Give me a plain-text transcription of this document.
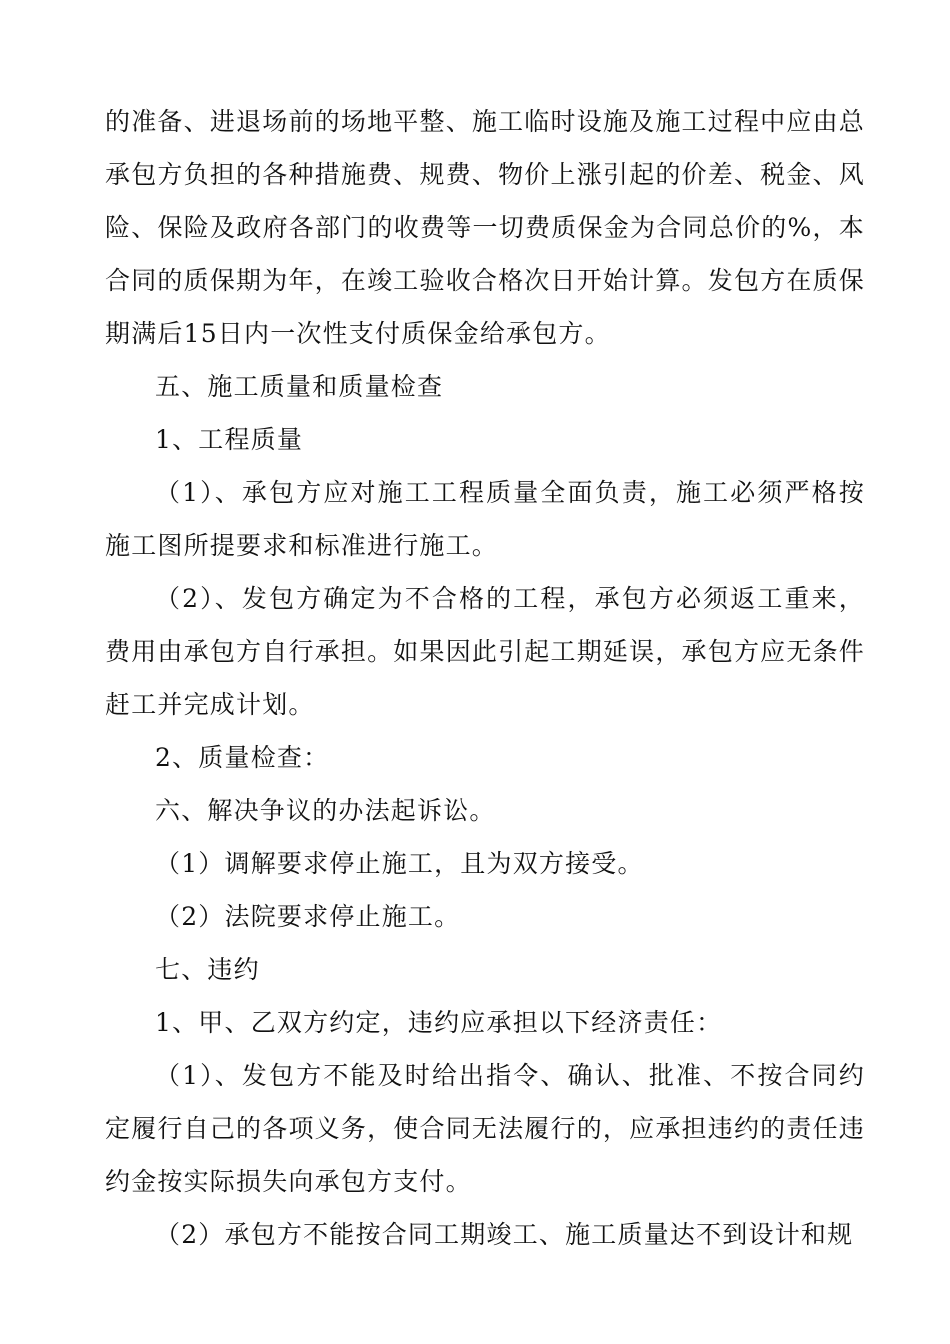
的准备、进退场前的场地平整、施工临时设施及施工过程中应由总承包方负担的各种措施费、规费、物价上涨引起的价差、税金、风险、保险及政府各部门的收费等一切费质保金为合同总价的%，本合同的质保期为年，在竣工验收合格次日开始计算。发包方在质保期满后15日内一次性支付质保金给承包方。

五、施工质量和质量检查

1、工程质量

（1）、承包方应对施工工程质量全面负责，施工必须严格按施工图所提要求和标准进行施工。

（2）、发包方确定为不合格的工程，承包方必须返工重来，费用由承包方自行承担。如果因此引起工期延误，承包方应无条件赶工并完成计划。

2、质量检查：

六、解决争议的办法起诉讼。

（1）调解要求停止施工，且为双方接受。

（2）法院要求停止施工。

七、违约

1、甲、乙双方约定，违约应承担以下经济责任：

（1）、发包方不能及时给出指令、确认、批准、不按合同约定履行自己的各项义务，使合同无法履行的，应承担违约的责任违约金按实际损失向承包方支付。

（2）承包方不能按合同工期竣工、施工质量达不到设计和规
